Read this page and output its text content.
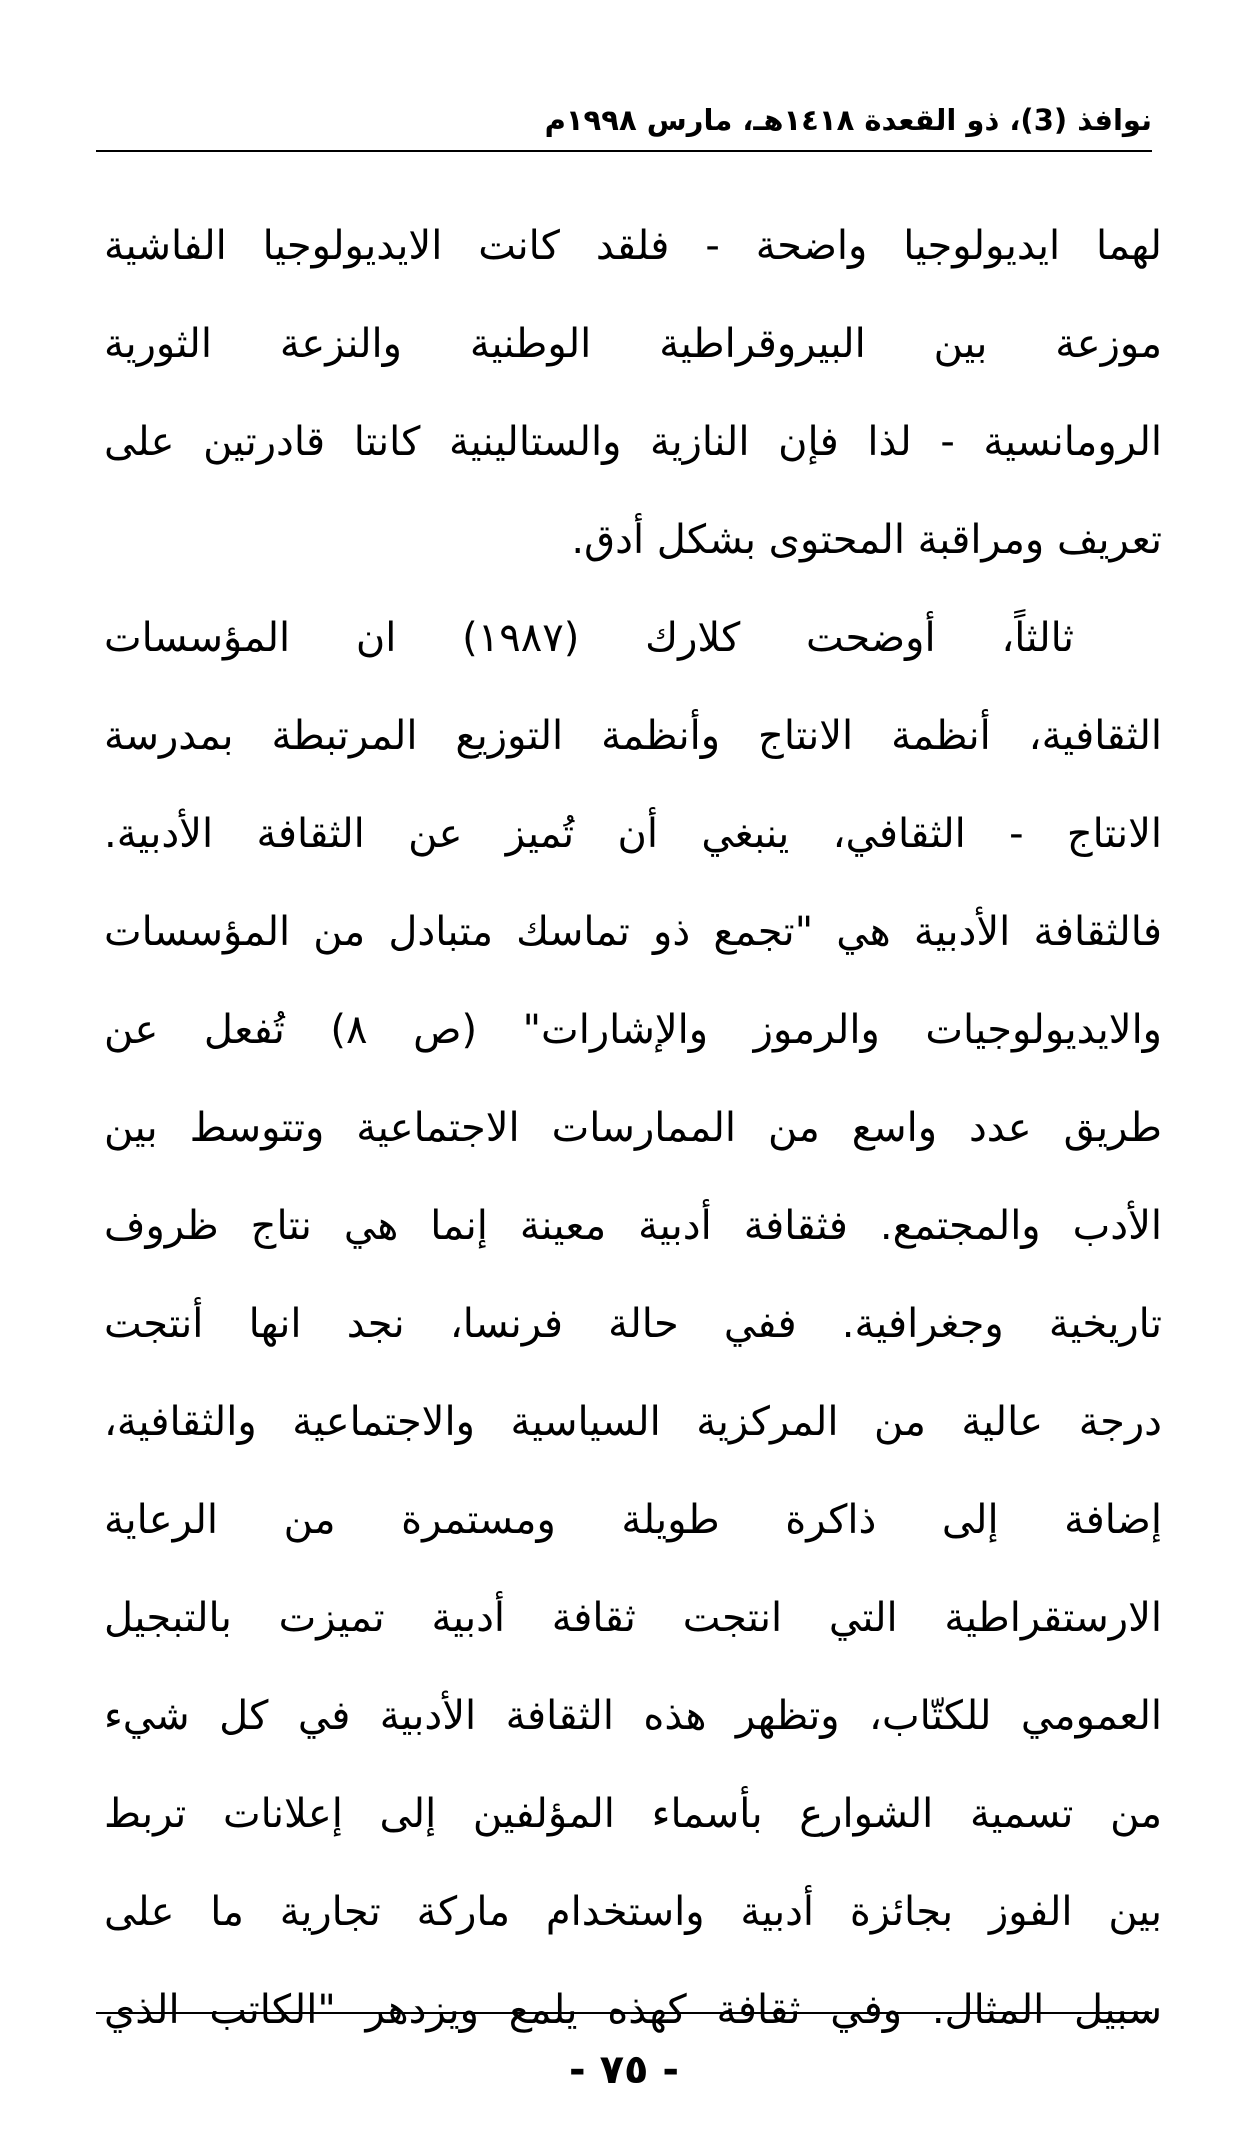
نوافذ (3)، ذو القعدة ١٤١٨هـ، مارس ١٩٩٨م
لهما ايديولوجيا واضحة - فلقد كانت الايديولوجيا الفاشية
موزعة بين البيروقراطية الوطنية والنزعة الثورية
الرومانسية - لذا فإن النازية والستالينية كانتا قادرتين على
تعريف ومراقبة المحتوى بشكل أدق.
ثالثاً، أوضحت كلارك (١٩٨٧) ان المؤسسات
الثقافية، أنظمة الانتاج وأنظمة التوزيع المرتبطة بمدرسة
الانتاج - الثقافي، ينبغي أن تُميز عن الثقافة الأدبية.
فالثقافة الأدبية هي "تجمع ذو تماسك متبادل من المؤسسات
والايديولوجيات والرموز والإشارات" (ص ٨) تُفعل عن
طريق عدد واسع من الممارسات الاجتماعية وتتوسط بين
الأدب والمجتمع. فثقافة أدبية معينة إنما هي نتاج ظروف
تاريخية وجغرافية. ففي حالة فرنسا، نجد انها أنتجت
درجة عالية من المركزية السياسية والاجتماعية والثقافية،
إضافة إلى ذاكرة طويلة ومستمرة من الرعاية
الارستقراطية التي انتجت ثقافة أدبية تميزت بالتبجيل
العمومي للكتّاب، وتظهر هذه الثقافة الأدبية في كل شيء
من تسمية الشوارع بأسماء المؤلفين إلى إعلانات تربط
بين الفوز بجائزة أدبية واستخدام ماركة تجارية ما على
سبيل المثال. وفي ثقافة كهذه يلمع ويزدهر "الكاتب الذي
- ٧٥ -
